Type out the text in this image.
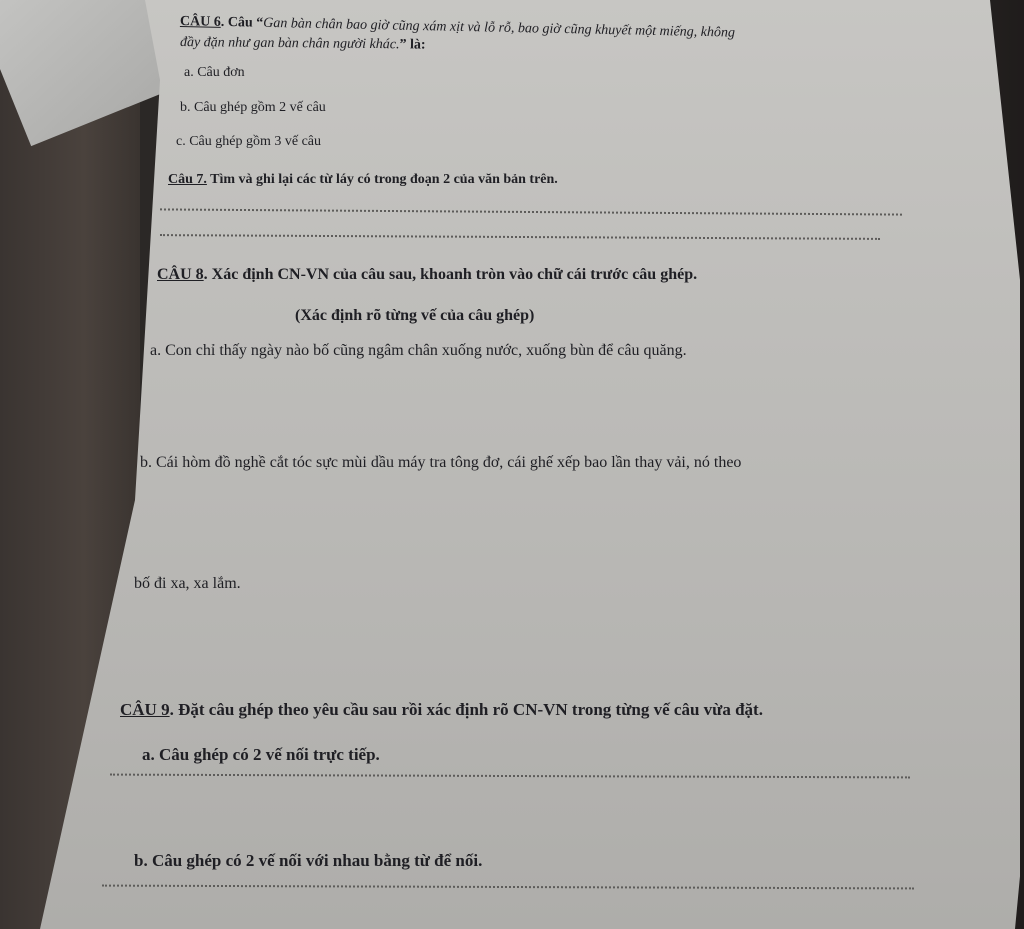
CÂU 6. Câu “Gan bàn chân bao giờ cũng xám xịt và lỗ rỗ, bao giờ cũng khuyết một miếng, không
đầy đặn như gan bàn chân người khác.” là:
a. Câu đơn
b. Câu ghép gồm 2 vế câu
c. Câu ghép gồm 3 vế câu
Câu 7. Tìm và ghi lại các từ láy có trong đoạn 2 của văn bản trên.
CÂU 8. Xác định CN-VN của câu sau, khoanh tròn vào chữ cái trước câu ghép.
(Xác định rõ từng vế của câu ghép)
a. Con chỉ thấy ngày nào bố cũng ngâm chân xuống nước, xuống bùn để câu quăng.
b. Cái hòm đồ nghề cắt tóc sực mùi dầu máy tra tông đơ, cái ghế xếp bao lần thay vải, nó theo
bố đi xa, xa lắm.
CÂU 9. Đặt câu ghép theo yêu cầu sau rồi xác định rõ CN-VN trong từng vế câu vừa đặt.
a. Câu ghép có 2 vế nối trực tiếp.
b. Câu ghép có 2 vế nối với nhau bằng từ để nối.
